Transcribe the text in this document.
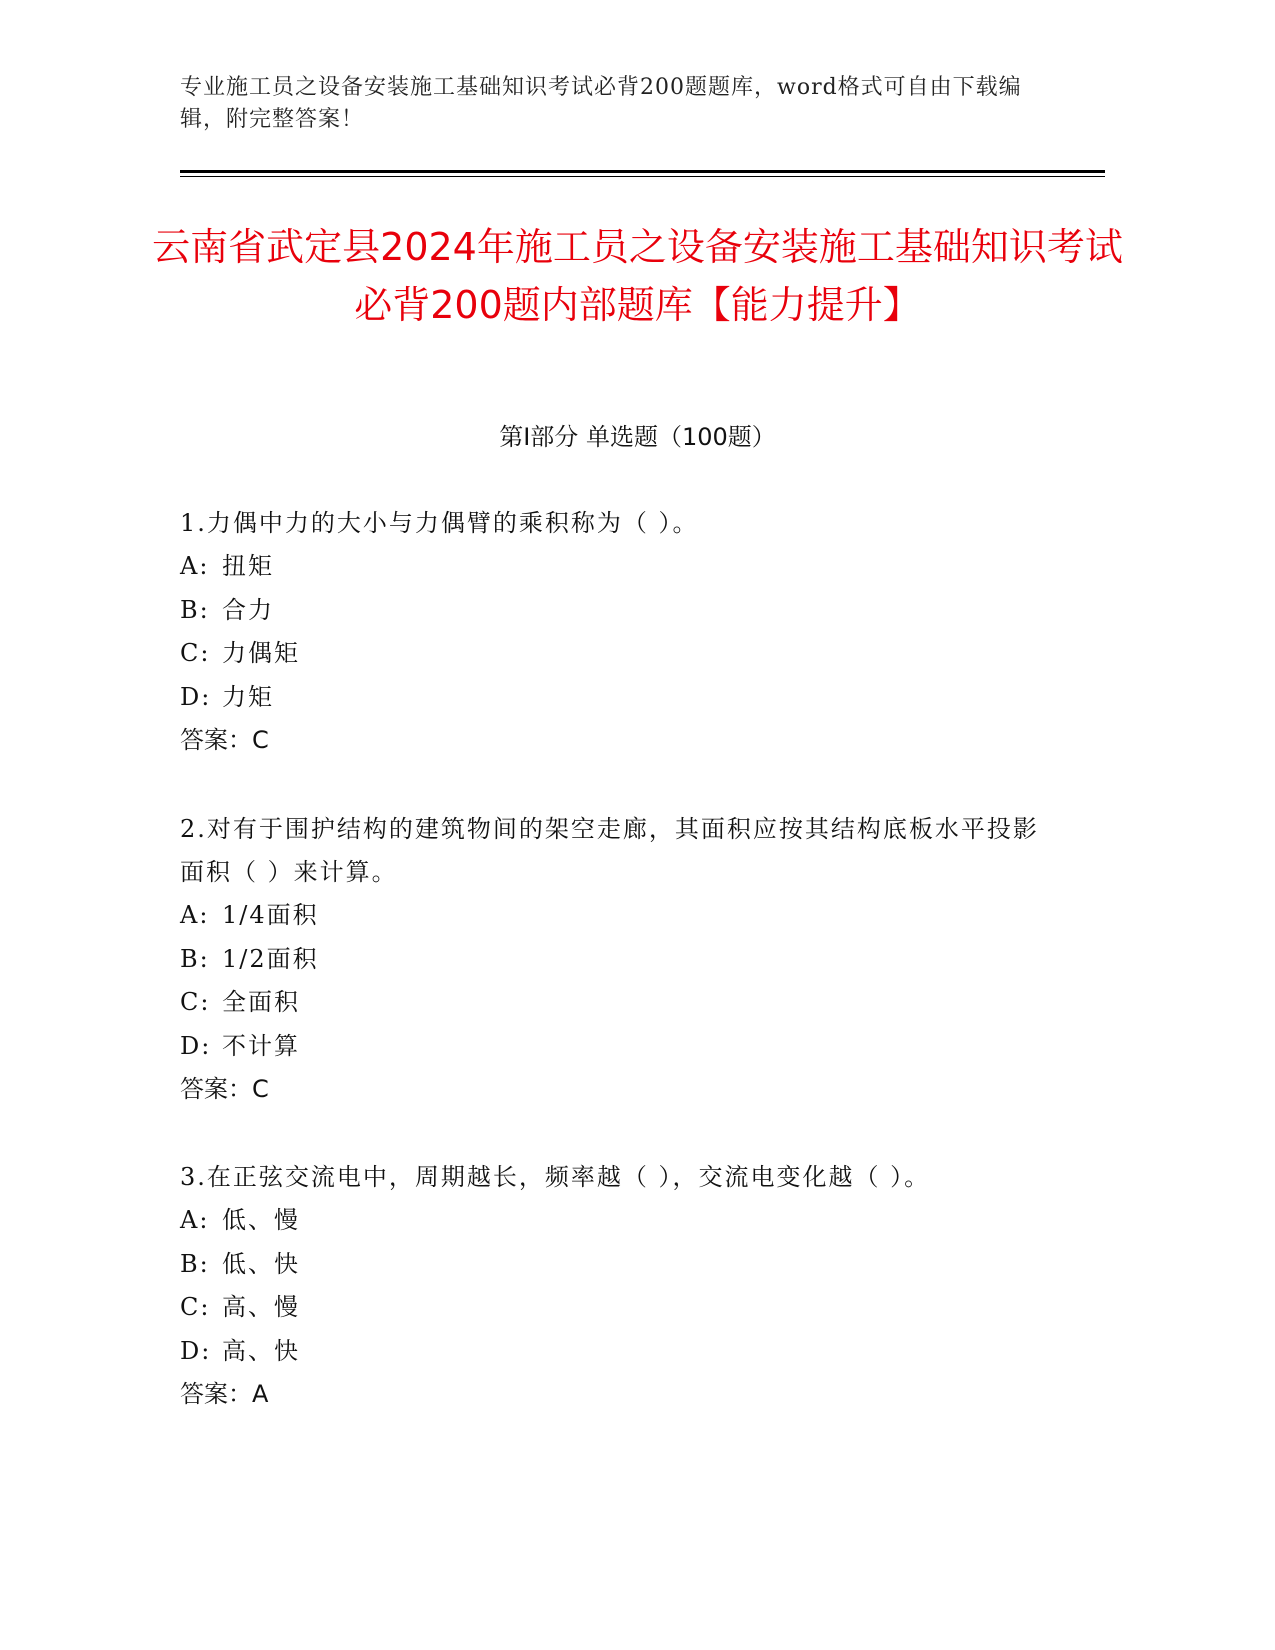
专业施工员之设备安装施工基础知识考试必背200题题库，word格式可自由下载编辑，附完整答案！
云南省武定县2024年施工员之设备安装施工基础知识考试必背200题内部题库【能力提升】
第Ⅰ部分 单选题（100题）
1.力偶中力的大小与力偶臂的乘积称为（ ）。
A: 扭矩
B: 合力
C: 力偶矩
D: 力矩
答案：C
2.对有于围护结构的建筑物间的架空走廊，其面积应按其结构底板水平投影面积（ ）来计算。
A: 1/4面积
B: 1/2面积
C: 全面积
D: 不计算
答案：C
3.在正弦交流电中，周期越长，频率越（ ），交流电变化越（ ）。
A: 低、慢
B: 低、快
C: 高、慢
D: 高、快
答案：A
